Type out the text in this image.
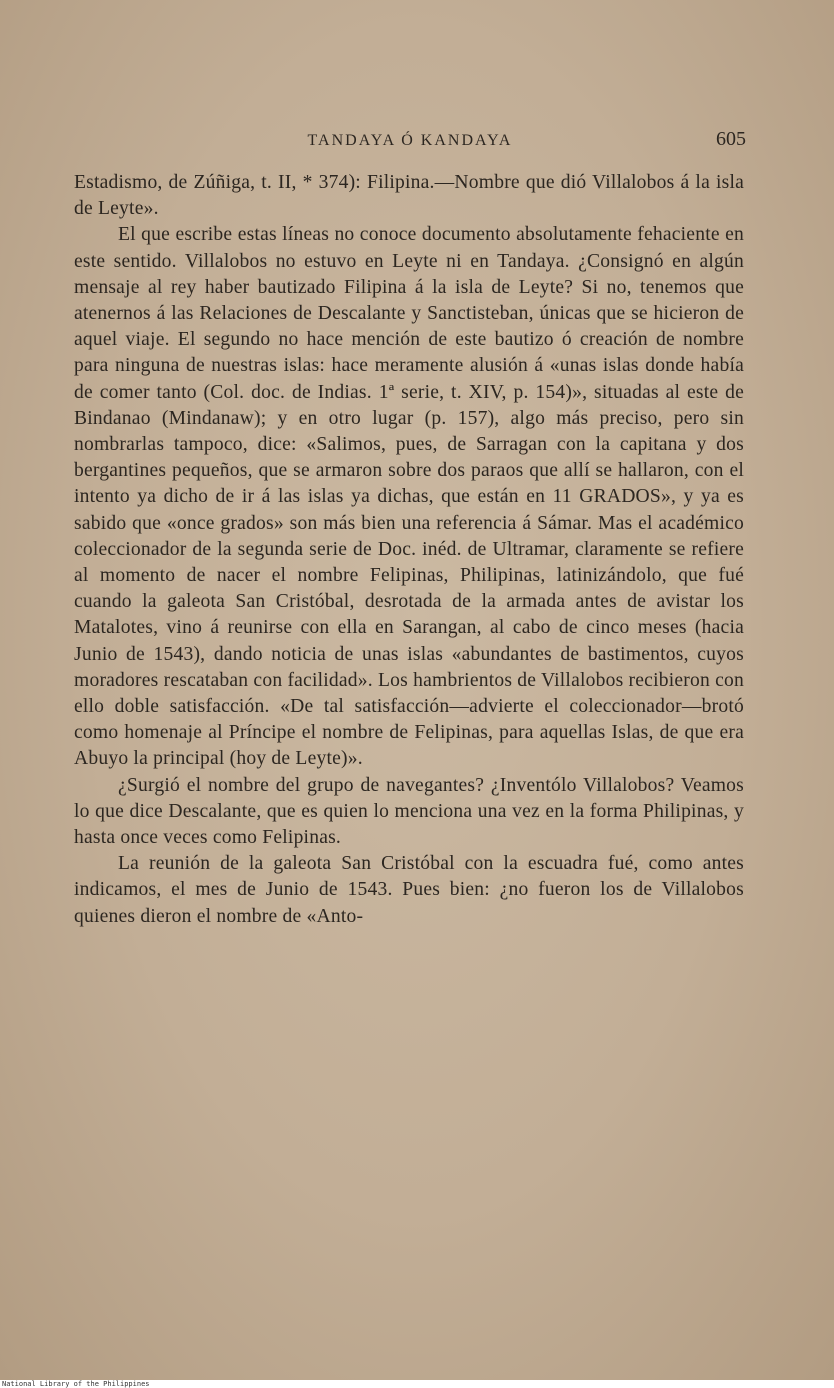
TANDAYA Ó KANDAYA	605

Estadismo, de Zúñiga, t. II, * 374): Filipina.—Nombre que dió Villalobos á la isla de Leyte».

El que escribe estas líneas no conoce documento absolutamente fehaciente en este sentido. Villalobos no estuvo en Leyte ni en Tandaya. ¿Consignó en algún mensaje al rey haber bautizado Filipina á la isla de Leyte? Si no, tenemos que atenernos á las Relaciones de Descalante y Sanctisteban, únicas que se hicieron de aquel viaje. El segundo no hace mención de este bautizo ó creación de nombre para ninguna de nuestras islas: hace meramente alusión á «unas islas donde había de comer tanto (Col. doc. de Indias. 1ª serie, t. XIV, p. 154)», situadas al este de Bindanao (Mindanaw); y en otro lugar (p. 157), algo más preciso, pero sin nombrarlas tampoco, dice: «Salimos, pues, de Sarragan con la capitana y dos bergantines pequeños, que se armaron sobre dos paraos que allí se hallaron, con el intento ya dicho de ir á las islas ya dichas, que están en 11 GRADOS», y ya es sabido que «once grados» son más bien una referencia á Sámar. Mas el académico coleccionador de la segunda serie de Doc. inéd. de Ultramar, claramente se refiere al momento de nacer el nombre Felipinas, Philipinas, latinizándolo, que fué cuando la galeota San Cristóbal, desrotada de la armada antes de avistar los Matalotes, vino á reunirse con ella en Sarangan, al cabo de cinco meses (hacia Junio de 1543), dando noticia de unas islas «abundantes de bastimentos, cuyos moradores rescataban con facilidad». Los hambrientos de Villalobos recibieron con ello doble satisfacción. «De tal satisfacción—advierte el coleccionador—brotó como homenaje al Príncipe el nombre de Felipinas, para aquellas Islas, de que era Abuyo la principal (hoy de Leyte)».

¿Surgió el nombre del grupo de navegantes? ¿Inventólo Villalobos? Veamos lo que dice Descalante, que es quien lo menciona una vez en la forma Philipinas, y hasta once veces como Felipinas.

La reunión de la galeota San Cristóbal con la escuadra fué, como antes indicamos, el mes de Junio de 1543. Pues bien: ¿no fueron los de Villalobos quienes dieron el nombre de «Anto-

National Library of the Philippines
